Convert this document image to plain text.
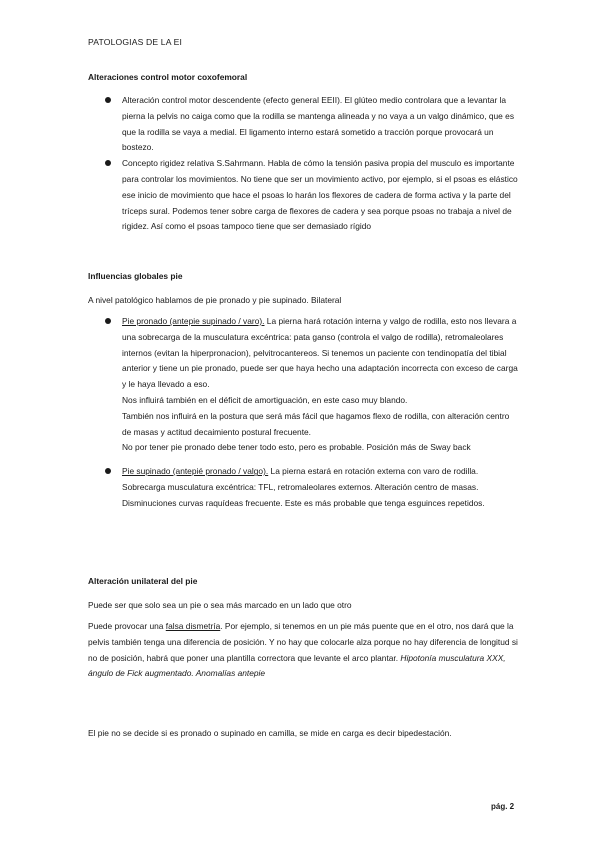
PATOLOGIAS DE LA EI
Alteraciones control motor coxofemoral
Alteración control motor descendente (efecto general EEII). El glúteo medio controlara que a levantar la pierna la pelvis no caiga como que la rodilla se mantenga alineada y no vaya a un valgo dinámico, que es que la rodilla se vaya a medial. El ligamento interno estará sometido a tracción porque provocará un bostezo.
Concepto rigidez relativa S.Sahrmann. Habla de cómo la tensión pasiva propia del musculo es importante para controlar los movimientos. No tiene que ser un movimiento activo, por ejemplo, si el psoas es elástico ese inicio de movimiento que hace el psoas lo harán los flexores de cadera de forma activa y la parte del tríceps sural. Podemos tener sobre carga de flexores de cadera y sea porque psoas no trabaja a nivel de rigidez. Así como el psoas tampoco tiene que ser demasiado rígido
Influencias globales pie
A nivel patológico hablamos de pie pronado y pie supinado. Bilateral
Pie pronado (antepie supinado / varo). La pierna hará rotación interna y valgo de rodilla, esto nos llevara a una sobrecarga de la musculatura excéntrica: pata ganso (controla el valgo de rodilla), retromaleolares internos (evitan la hiperpronacion), pelvitrocantereos. Si tenemos un paciente con tendinopatía del tibial anterior y tiene un pie pronado, puede ser que haya hecho una adaptación incorrecta con exceso de carga y le haya llevado a eso.
Nos influirá también en el déficit de amortiguación, en este caso muy blando.
También nos influirá en la postura que será más fácil que hagamos flexo de rodilla, con alteración centro de masas y actitud decaimiento postural frecuente.
No por tener pie pronado debe tener todo esto, pero es probable. Posición más de Sway back
Pie supinado (antepié pronado / valgo). La pierna estará en rotación externa con varo de rodilla. Sobrecarga musculatura excéntrica: TFL, retromaleolares externos. Alteración centro de masas. Disminuciones curvas raquídeas frecuente. Este es más probable que tenga esguinces repetidos.
Alteración unilateral del pie
Puede ser que solo sea un pie o sea más marcado en un lado que otro
Puede provocar una falsa dismetría. Por ejemplo, si tenemos en un pie más puente que en el otro, nos dará que la pelvis también tenga una diferencia de posición. Y no hay que colocarle alza porque no hay diferencia de longitud si no de posición, habrá que poner una plantilla correctora que levante el arco plantar. Hipotonía musculatura XXX, ángulo de Fick augmentado. Anomalías antepie
El pie no se decide si es pronado o supinado en camilla, se mide en carga es decir bipedestación.
pág. 2
